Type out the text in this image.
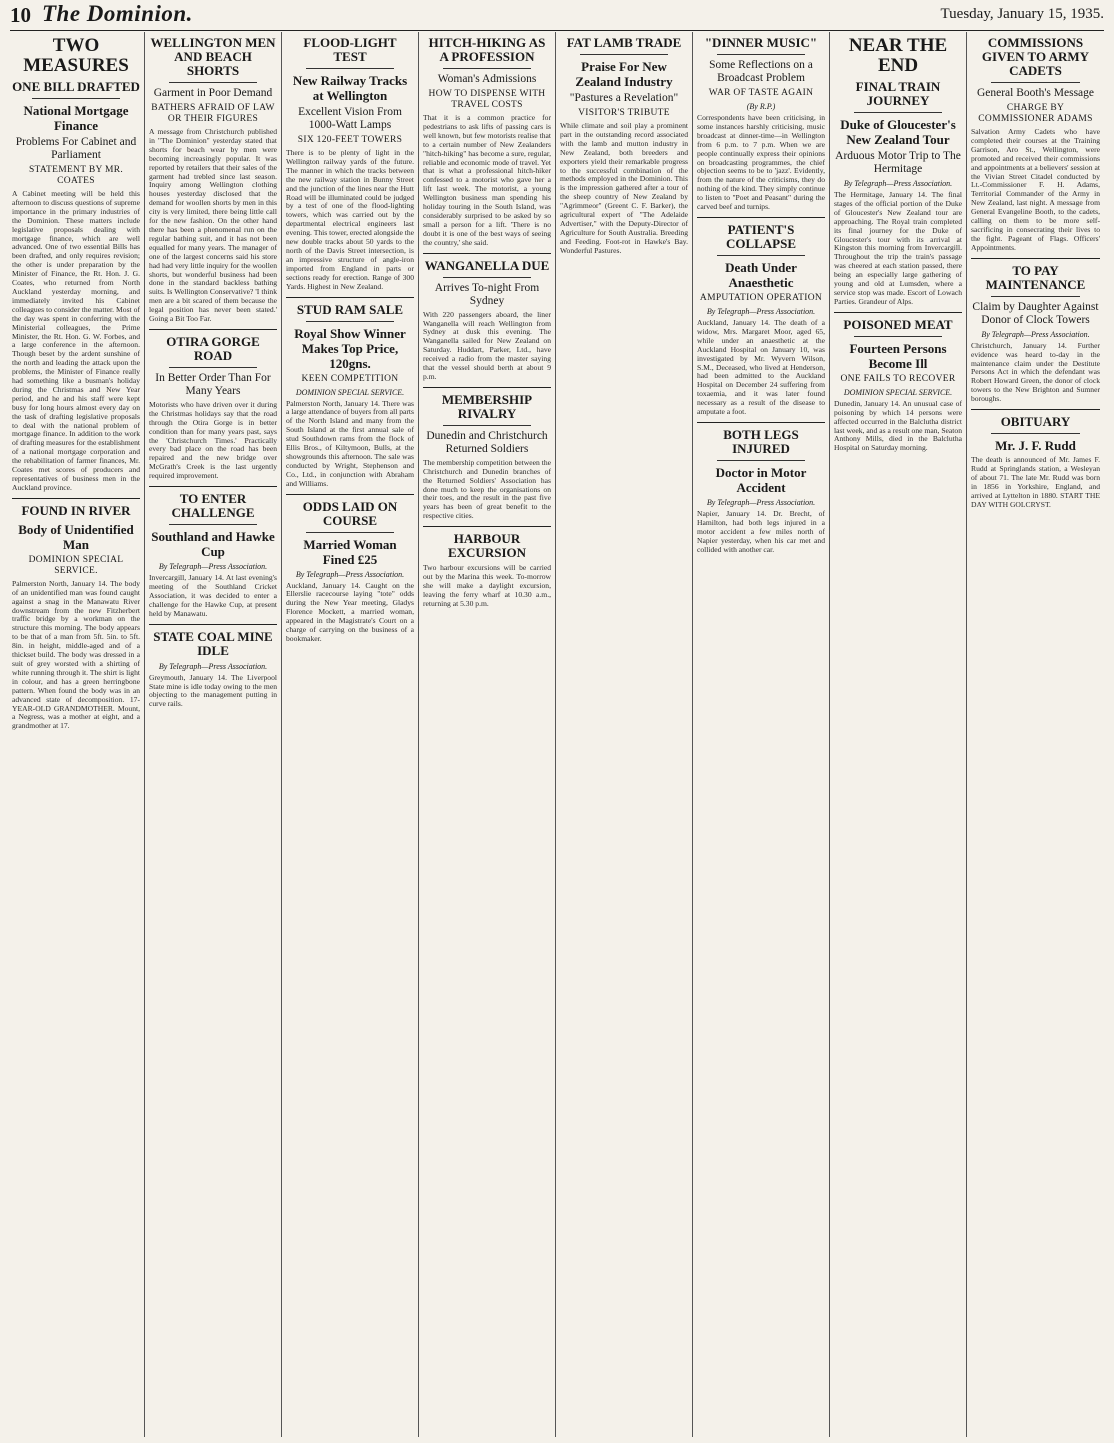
10 The Dominion.	Tuesday, January 15, 1935.
TWO MEASURES
ONE BILL DRAFTED
National Mortgage Finance
Problems For Cabinet and Parliament
STATEMENT BY MR. COATES
A Cabinet meeting will be held this afternoon to discuss questions of supreme importance in the primary industries of the Dominion. These matters include legislative proposals dealing with mortgage finance, which are well advanced. One of two essential Bills has been drafted, and only requires revision; the other is under preparation by the Minister of Finance, the Rt. Hon. J. G. Coates, who returned from North Auckland yesterday morning, and immediately invited his Cabinet colleagues to consider the matter. Most of the day was spent in conferring with the Ministerial colleagues, the Prime Minister, the Rt. Hon. G. W. Forbes, and a large conference in the afternoon. Though beset by the ardent sunshine of the north and leading the attack upon the problems, the Minister of Finance really had something like a busman's holiday during the Christmas and New Year period, and he and his staff were kept busy for long hours almost every day on the task of drafting legislative proposals to deal with the national problem of mortgage finance. In addition to the work of drafting measures for the establishment of a national mortgage corporation and the rehabilitation of farmer finances, Mr. Coates met scores of producers and representatives of business men in the Auckland province.
FOUND IN RIVER
Body of Unidentified Man
DOMINION SPECIAL SERVICE.
Palmerston North, January 14. The body of an unidentified man was found caught against a snag in the Manawatu River downstream from the new Fitzherbert traffic bridge by a workman on the structure this morning. The body appears to be that of a man from 5ft. 5in. to 5ft. 8in. in height, middle-aged and of a thickset build. The body was dressed in a suit of grey worsted with a shirting of white running through it. The shirt is light in colour, and has a green herringbone pattern. When found the body was in an advanced state of decomposition. 17-YEAR-OLD GRANDMOTHER. Mount, a Negress, was a mother at eight, and a grandmother at 17.
WELLINGTON MEN AND BEACH SHORTS
Garment in Poor Demand
BATHERS AFRAID OF LAW OR THEIR FIGURES
A message from Christchurch published in "The Dominion" yesterday stated that shorts for beach wear by men were becoming increasingly popular. It was reported by retailers that their sales of the garment had trebled since last season. Inquiry among Wellington clothing houses yesterday disclosed that the demand for woollen shorts by men in this city is very limited, there being little call for the new fashion. On the other hand there has been a phenomenal run on the regular bathing suit, and it has not been equalled for many years. The manager of one of the largest concerns said his store had had very little inquiry for the woollen shorts, but wonderful business had been done in the standard backless bathing suits. Is Wellington Conservative? 'I think men are a bit scared of them because the legal position has never been stated.' Going a Bit Too Far.
OTIRA GORGE ROAD
In Better Order Than For Many Years
Motorists who have driven over it during the Christmas holidays say that the road through the Otira Gorge is in better condition than for many years past, says the 'Christchurch Times.' Practically every bad place on the road has been repaired and the new bridge over McGrath's Creek is the last urgently required improvement.
TO ENTER CHALLENGE
Southland and Hawke Cup
By Telegraph—Press Association.
Invercargill, January 14. At last evening's meeting of the Southland Cricket Association, it was decided to enter a challenge for the Hawke Cup, at present held by Manawatu.
STATE COAL MINE IDLE
By Telegraph—Press Association.
Greymouth, January 14. The Liverpool State mine is idle today owing to the men objecting to the management putting in curve rails.
FLOOD-LIGHT TEST
New Railway Tracks at Wellington
Excellent Vision From 1000-Watt Lamps
SIX 120-FEET TOWERS
There is to be plenty of light in the Wellington railway yards of the future. The manner in which the tracks between the new railway station in Bunny Street and the junction of the lines near the Hutt Road will be illuminated could be judged by a test of one of the flood-lighting towers, which was carried out by the departmental electrical engineers last evening. This tower, erected alongside the new double tracks about 50 yards to the north of the Davis Street intersection, is an impressive structure of angle-iron imported from England in parts or sections ready for erection. Range of 300 Yards. Highest in New Zealand.
STUD RAM SALE
Royal Show Winner Makes Top Price, 120gns.
KEEN COMPETITION
DOMINION SPECIAL SERVICE.
Palmerston North, January 14. There was a large attendance of buyers from all parts of the North Island and many from the South Island at the first annual sale of stud Southdown rams from the flock of Ellis Bros., of Kiltymoon, Bulls, at the showgrounds this afternoon. The sale was conducted by Wright, Stephenson and Co., Ltd., in conjunction with Abraham and Williams.
ODDS LAID ON COURSE
Married Woman Fined £25
By Telegraph—Press Association.
Auckland, January 14. Caught on the Ellerslie racecourse laying "tote" odds during the New Year meeting, Gladys Florence Mockett, a married woman, appeared in the Magistrate's Court on a charge of carrying on the business of a bookmaker.
HITCH-HIKING AS A PROFESSION
Woman's Admissions
HOW TO DISPENSE WITH TRAVEL COSTS
That it is a common practice for pedestrians to ask lifts of passing cars is well known, but few motorists realise that to a certain number of New Zealanders "hitch-hiking" has become a sure, regular, reliable and economic mode of travel. Yet that is what a professional hitch-hiker confessed to a motorist who gave her a lift last week. The motorist, a young Wellington business man spending his holiday touring in the South Island, was considerably surprised to be asked by so small a person for a lift. 'There is no doubt it is one of the best ways of seeing the country,' she said.
WANGANELLA DUE
Arrives To-night From Sydney
With 220 passengers aboard, the liner Wanganella will reach Wellington from Sydney at dusk this evening. The Wanganella sailed for New Zealand on Saturday. Huddart, Parker, Ltd., have received a radio from the master saying that the vessel should berth at about 9 p.m.
MEMBERSHIP RIVALRY
Dunedin and Christchurch Returned Soldiers
The membership competition between the Christchurch and Dunedin branches of the Returned Soldiers' Association has done much to keep the organisations on their toes, and the result in the past five years has been of great benefit to the respective cities.
HARBOUR EXCURSION
Two harbour excursions will be carried out by the Marina this week. To-morrow she will make a daylight excursion, leaving the ferry wharf at 10.30 a.m., returning at 5.30 p.m.
FAT LAMB TRADE
Praise For New Zealand Industry
"Pastures a Revelation"
VISITOR'S TRIBUTE
While climate and soil play a prominent part in the outstanding record associated with the lamb and mutton industry in New Zealand, both breeders and exporters yield their remarkable progress to the successful combination of the methods employed in the Dominion. This is the impression gathered after a tour of the sheep country of New Zealand by "Agrimmeor" (Greent C. F. Barker), the agricultural expert of "The Adelaide Advertiser," with the Deputy-Director of Agriculture for South Australia. Breeding and Feeding. Foot-rot in Hawke's Bay. Wonderful Pastures.
"DINNER MUSIC"
Some Reflections on a Broadcast Problem
WAR OF TASTE AGAIN
(By R.P.)
Correspondents have been criticising, in some instances harshly criticising, music broadcast at dinner-time—in Wellington from 6 p.m. to 7 p.m. When we are people continually express their opinions on broadcasting programmes, the chief objection seems to be to 'jazz'. Evidently, from the nature of the criticisms, they do nothing of the kind. They simply continue to listen to "Poet and Peasant" during the carved beef and turnips.
PATIENT'S COLLAPSE
Death Under Anaesthetic
AMPUTATION OPERATION
By Telegraph—Press Association.
Auckland, January 14. The death of a widow, Mrs. Margaret Moor, aged 65, while under an anaesthetic at the Auckland Hospital on January 10, was investigated by Mr. Wyvern Wilson, S.M., Deceased, who lived at Henderson, had been admitted to the Auckland Hospital on December 24 suffering from toxaemia, and it was later found necessary as a result of the disease to amputate a foot.
BOTH LEGS INJURED
Doctor in Motor Accident
By Telegraph—Press Association.
Napier, January 14. Dr. Brecht, of Hamilton, had both legs injured in a motor accident a few miles north of Napier yesterday, when his car met and collided with another car.
NEAR THE END
FINAL TRAIN JOURNEY
Duke of Gloucester's New Zealand Tour
Arduous Motor Trip to The Hermitage
By Telegraph—Press Association.
The Hermitage, January 14. The final stages of the official portion of the Duke of Gloucester's New Zealand tour are approaching. The Royal train completed its final journey for the Duke of Gloucester's tour with its arrival at Kingston this morning from Invercargill. Throughout the trip the train's passage was cheered at each station passed, there being an especially large gathering of young and old at Lumsden, where a service stop was made. Escort of Lowach Parties. Grandeur of Alps.
POISONED MEAT
Fourteen Persons Become Ill
ONE FAILS TO RECOVER
DOMINION SPECIAL SERVICE.
Dunedin, January 14. An unusual case of poisoning by which 14 persons were affected occurred in the Balclutha district last week, and as a result one man, Seaton Anthony Mills, died in the Balclutha Hospital on Saturday morning.
COMMISSIONS GIVEN TO ARMY CADETS
General Booth's Message
CHARGE BY COMMISSIONER ADAMS
Salvation Army Cadets who have completed their courses at the Training Garrison, Aro St., Wellington, were promoted and received their commissions and appointments at a believers' session at the Vivian Street Citadel conducted by Lt.-Commissioner F. H. Adams, Territorial Commander of the Army in New Zealand, last night. A message from General Evangeline Booth, to the cadets, calling on them to be more self-sacrificing in consecrating their lives to the fight. Pageant of Flags. Officers' Appointments.
TO PAY MAINTENANCE
Claim by Daughter Against Donor of Clock Towers
By Telegraph—Press Association.
Christchurch, January 14. Further evidence was heard to-day in the maintenance claim under the Destitute Persons Act in which the defendant was Robert Howard Green, the donor of clock towers to the New Brighton and Sumner boroughs.
OBITUARY
Mr. J. F. Rudd
The death is announced of Mr. James F. Rudd at Springlands station, a Wesleyan of about 71. The late Mr. Rudd was born in 1856 in Yorkshire, England, and arrived at Lyttelton in 1880. START THE DAY WITH GOLCRYST.
